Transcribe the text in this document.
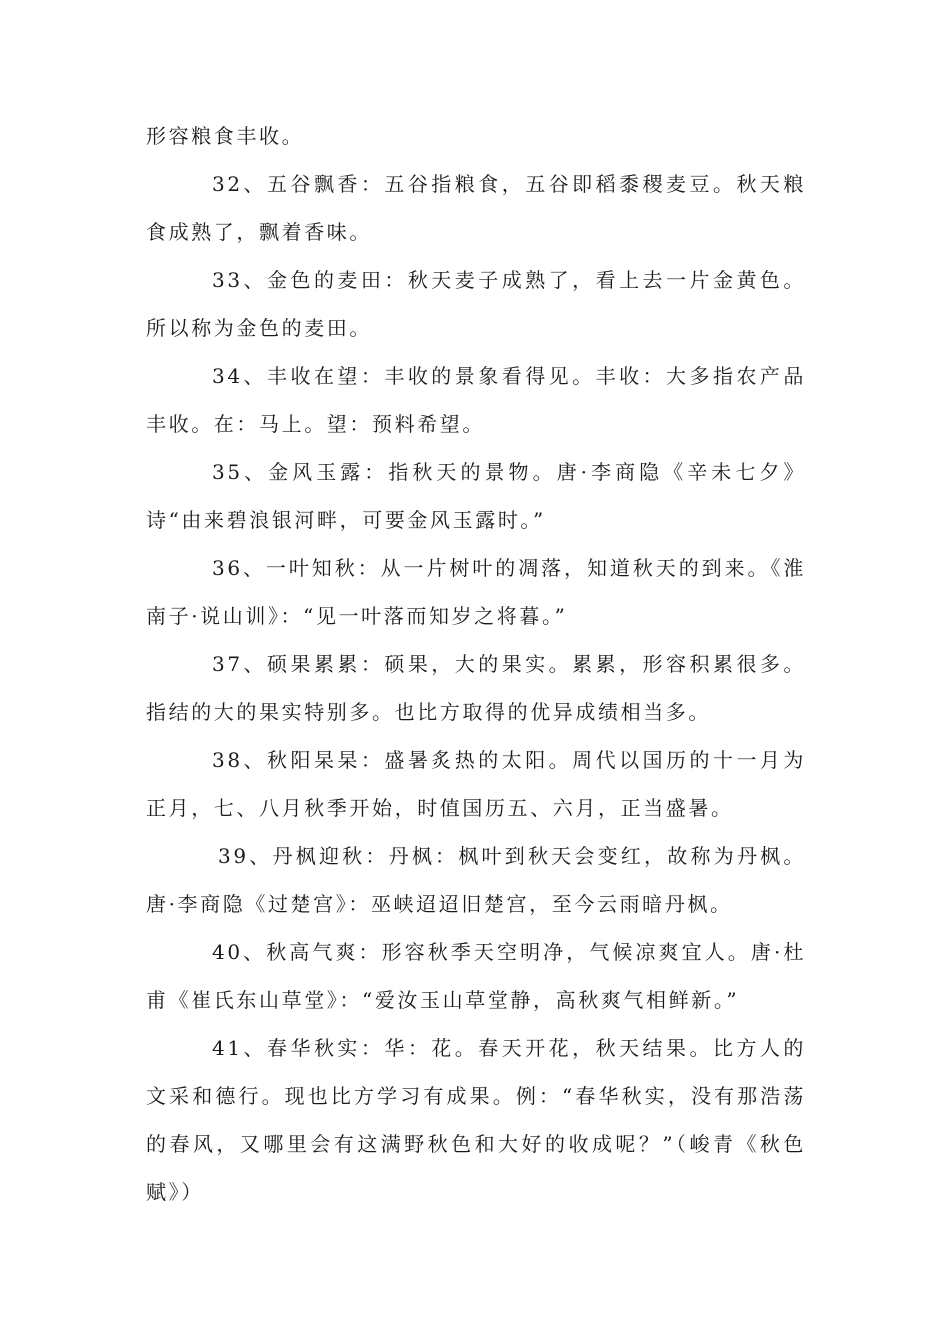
形容粮食丰收。

32、五谷飘香：五谷指粮食，五谷即稻黍稷麦豆。秋天粮食成熟了，飘着香味。

33、金色的麦田：秋天麦子成熟了，看上去一片金黄色。所以称为金色的麦田。

34、丰收在望：丰收的景象看得见。丰收：大多指农产品丰收。在：马上。望：预料希望。

35、金风玉露：指秋天的景物。唐·李商隐《辛未七夕》诗“由来碧浪银河畔，可要金风玉露时。”

36、一叶知秋：从一片树叶的凋落，知道秋天的到来。《淮南子·说山训》：“见一叶落而知岁之将暮。”

37、硕果累累：硕果，大的果实。累累，形容积累很多。指结的大的果实特别多。也比方取得的优异成绩相当多。

38、秋阳杲杲：盛暑炙热的太阳。周代以国历的十一月为正月，七、八月秋季开始，时值国历五、六月，正当盛暑。

39、丹枫迎秋：丹枫：枫叶到秋天会变红，故称为丹枫。唐·李商隐《过楚宫》：巫峡迢迢旧楚宫，至今云雨暗丹枫。

40、秋高气爽：形容秋季天空明净，气候凉爽宜人。唐·杜甫《崔氏东山草堂》：“爱汝玉山草堂静，高秋爽气相鲜新。”

41、春华秋实：华：花。春天开花，秋天结果。比方人的文采和德行。现也比方学习有成果。例：“春华秋实，没有那浩荡的春风，又哪里会有这满野秋色和大好的收成呢？”（峻青《秋色赋》）
